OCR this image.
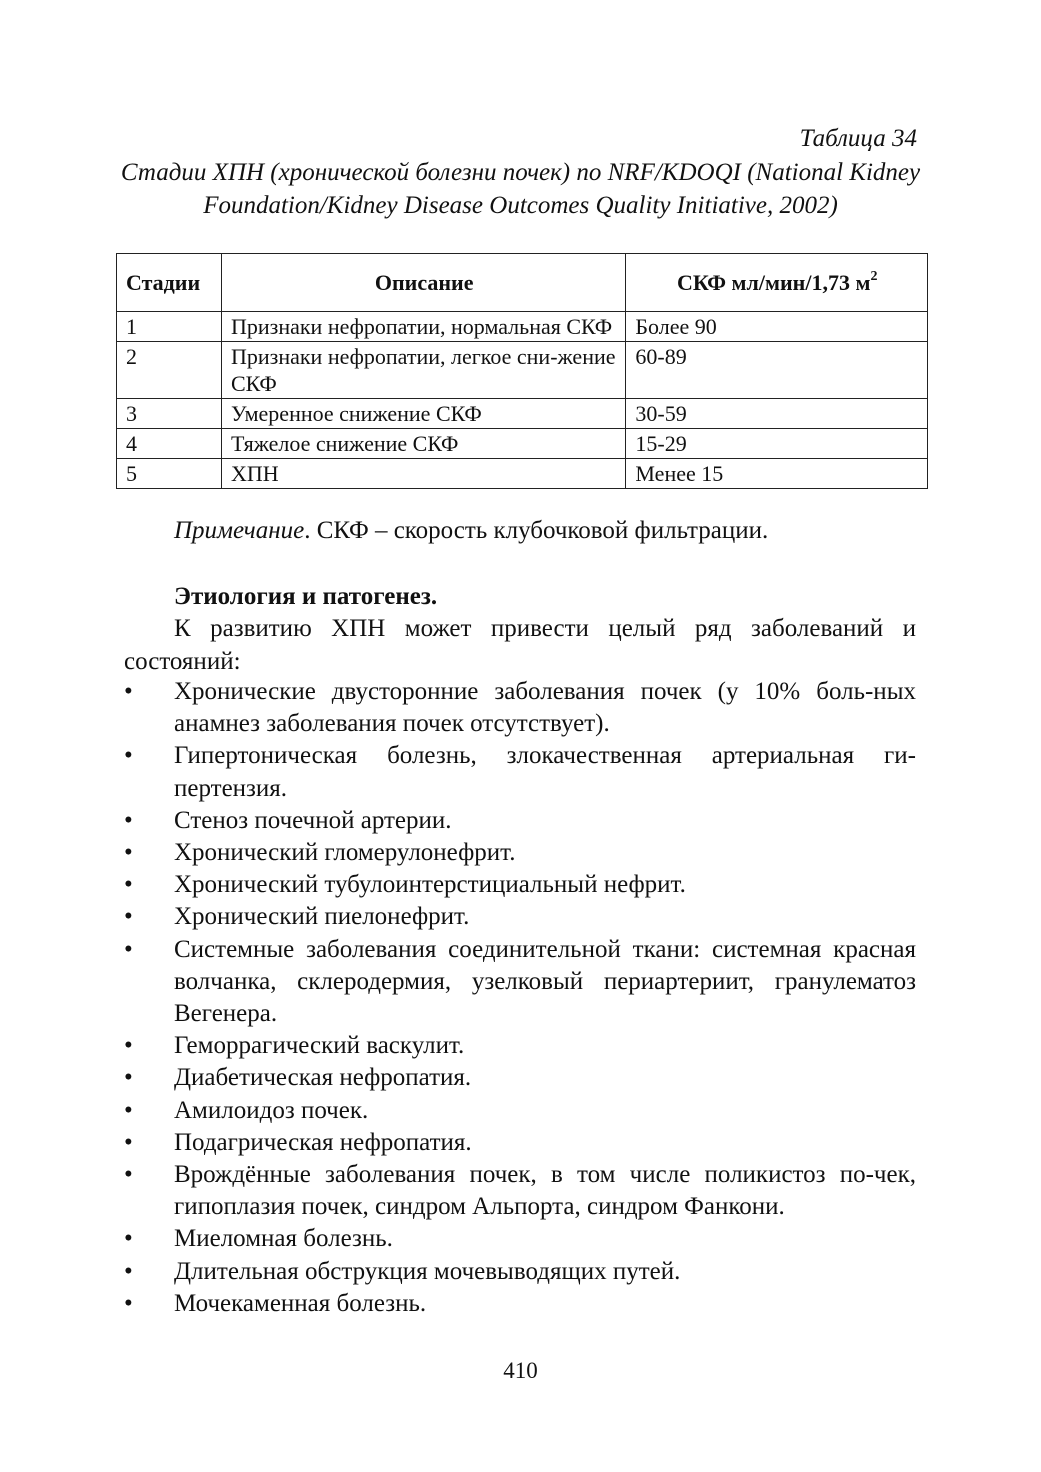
Таблица 34
Стадии ХПН (хронической болезни почек) по NRF/KDOQI (National Kidney Foundation/Kidney Disease Outcomes Quality Initiative, 2002)
Стадии	Описание	СКФ мл/мин/1,73 $м^2$
1	Признаки нефропатии, нормальная СКФ	Более 90
2	Признаки нефропатии, легкое сни-жение СКФ	60-89
3	Умеренное снижение СКФ	30-59
4	Тяжелое снижение СКФ	15-29
5	ХПН	Менее 15
Примечание. СКФ – скорость клубочковой фильтрации.
Этиология и патогенез.
К развитию ХПН может привести целый ряд заболеваний и состояний:
•	Хронические двусторонние заболевания почек (у 10% боль-ных анамнез заболевания почек отсутствует).
•	Гипертоническая болезнь, злокачественная артериальная ги-пертензия.
•	Стеноз почечной артерии.
•	Хронический гломерулонефрит.
•	Хронический тубулоинтерстициальный нефрит.
•	Хронический пиелонефрит.
•	Системные заболевания соединительной ткани: системная красная волчанка, склеродермия, узелковый периартериит, гранулематоз Вегенера.
•	Геморрагический васкулит.
•	Диабетическая нефропатия.
•	Амилоидоз почек.
•	Подагрическая нефропатия.
•	Врождённые заболевания почек, в том числе поликистоз по-чек, гипоплазия почек, синдром Альпорта, синдром Фанкони.
•	Миеломная болезнь.
•	Длительная обструкция мочевыводящих путей.
•	Мочекаменная болезнь.
410
